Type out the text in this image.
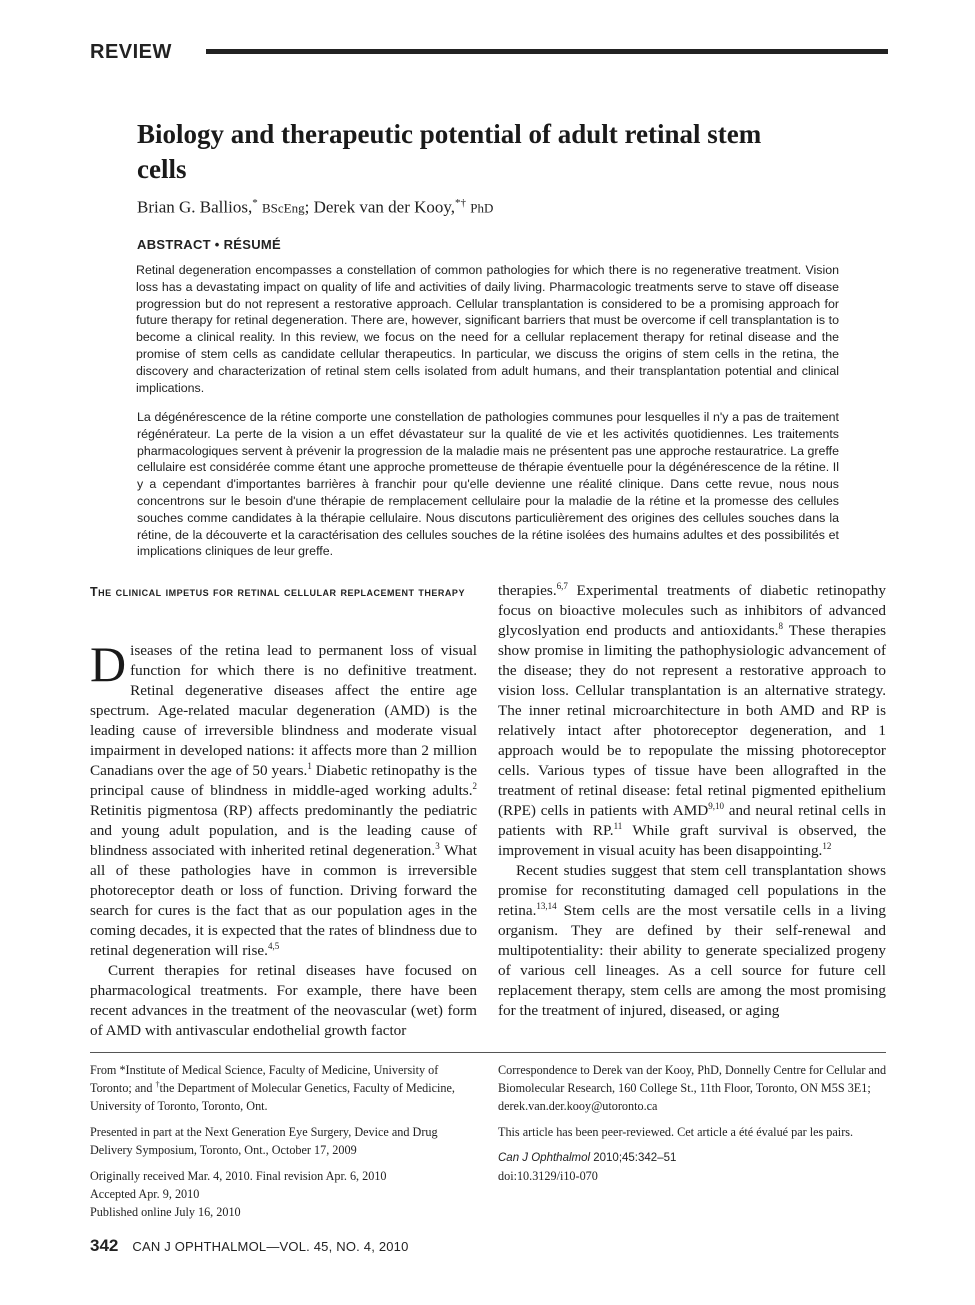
REVIEW
Biology and therapeutic potential of adult retinal stem cells
Brian G. Ballios,* BScEng; Derek van der Kooy,*† PhD
ABSTRACT • RÉSUMÉ

Retinal degeneration encompasses a constellation of common pathologies for which there is no regenerative treatment. Vision loss has a devastating impact on quality of life and activities of daily living. Pharmacologic treatments serve to stave off disease progression but do not represent a restorative approach. Cellular transplantation is considered to be a promising approach for future therapy for retinal degeneration. There are, however, significant barriers that must be overcome if cell transplantation is to become a clinical reality. In this review, we focus on the need for a cellular replacement therapy for retinal disease and the promise of stem cells as candidate cellular therapeutics. In particular, we discuss the origins of stem cells in the retina, the discovery and characterization of retinal stem cells isolated from adult humans, and their transplantation potential and clinical implications.

La dégénérescence de la rétine comporte une constellation de pathologies communes pour lesquelles il n'y a pas de traitement régénérateur. La perte de la vision a un effet dévastateur sur la qualité de vie et les activités quotidiennes. Les traitements pharmacologiques servent à prévenir la progression de la maladie mais ne présentent pas une approche restauratrice. La greffe cellulaire est considérée comme étant une approche prometteuse de thérapie éventuelle pour la dégénérescence de la rétine. Il y a cependant d'importantes barrières à franchir pour qu'elle devienne une réalité clinique. Dans cette revue, nous nous concentrons sur le besoin d'une thérapie de remplacement cellulaire pour la maladie de la rétine et la promesse des cellules souches comme candidates à la thérapie cellulaire. Nous discutons particulièrement des origines des cellules souches dans la rétine, de la découverte et la caractérisation des cellules souches de la rétine isolées des humains adultes et des possibilités et implications cliniques de leur greffe.

The clinical impetus for retinal cellular replacement therapy

Diseases of the retina lead to permanent loss of visual function for which there is no definitive treatment. Retinal degenerative diseases affect the entire age spectrum. Age-related macular degeneration (AMD) is the leading cause of irreversible blindness and moderate visual impairment in developed nations: it affects more than 2 million Canadians over the age of 50 years.$^1$ Diabetic retinopathy is the principal cause of blindness in middle-aged working adults.$^2$ Retinitis pigmentosa (RP) affects predominantly the pediatric and young adult population, and is the leading cause of blindness associated with inherited retinal degeneration.$^3$ What all of these pathologies have in common is irreversible photoreceptor death or loss of function. Driving forward the search for cures is the fact that as our population ages in the coming decades, it is expected that the rates of blindness due to retinal degeneration will rise.$^{4,5}$

Current therapies for retinal diseases have focused on pharmacological treatments. For example, there have been recent advances in the treatment of the neovascular (wet) form of AMD with antivascular endothelial growth factor

therapies.$^{6,7}$ Experimental treatments of diabetic retinopathy focus on bioactive molecules such as inhibitors of advanced glycoslyation end products and antioxidants.$^8$ These therapies show promise in limiting the pathophysiologic advancement of the disease; they do not represent a restorative approach to vision loss. Cellular transplantation is an alternative strategy. The inner retinal microarchitecture in both AMD and RP is relatively intact after photoreceptor degeneration, and 1 approach would be to repopulate the missing photoreceptor cells. Various types of tissue have been allografted in the treatment of retinal disease: fetal retinal pigmented epithelium (RPE) cells in patients with AMD$^{9,10}$ and neural retinal cells in patients with RP.$^{11}$ While graft survival is observed, the improvement in visual acuity has been disappointing.$^{12}$

Recent studies suggest that stem cell transplantation shows promise for reconstituting damaged cell populations in the retina.$^{13,14}$ Stem cells are the most versatile cells in a living organism. They are defined by their self-renewal and multipotentiality: their ability to generate specialized progeny of various cell lineages. As a cell source for future cell replacement therapy, stem cells are among the most promising for the treatment of injured, diseased, or aging

From *Institute of Medical Science, Faculty of Medicine, University of Toronto; and †the Department of Molecular Genetics, Faculty of Medicine, University of Toronto, Toronto, Ont.

Presented in part at the Next Generation Eye Surgery, Device and Drug Delivery Symposium, Toronto, Ont., October 17, 2009

Originally received Mar. 4, 2010. Final revision Apr. 6, 2010
Accepted Apr. 9, 2010
Published online July 16, 2010

Correspondence to Derek van der Kooy, PhD, Donnelly Centre for Cellular and Biomolecular Research, 160 College St., 11th Floor, Toronto, ON M5S 3E1; derek.van.der.kooy@utoronto.ca

This article has been peer-reviewed. Cet article a été évalué par les pairs.

Can J Ophthalmol 2010;45:342–51
doi:10.3129/i10-070
342 CAN J OPHTHALMOL—VOL. 45, NO. 4, 2010
